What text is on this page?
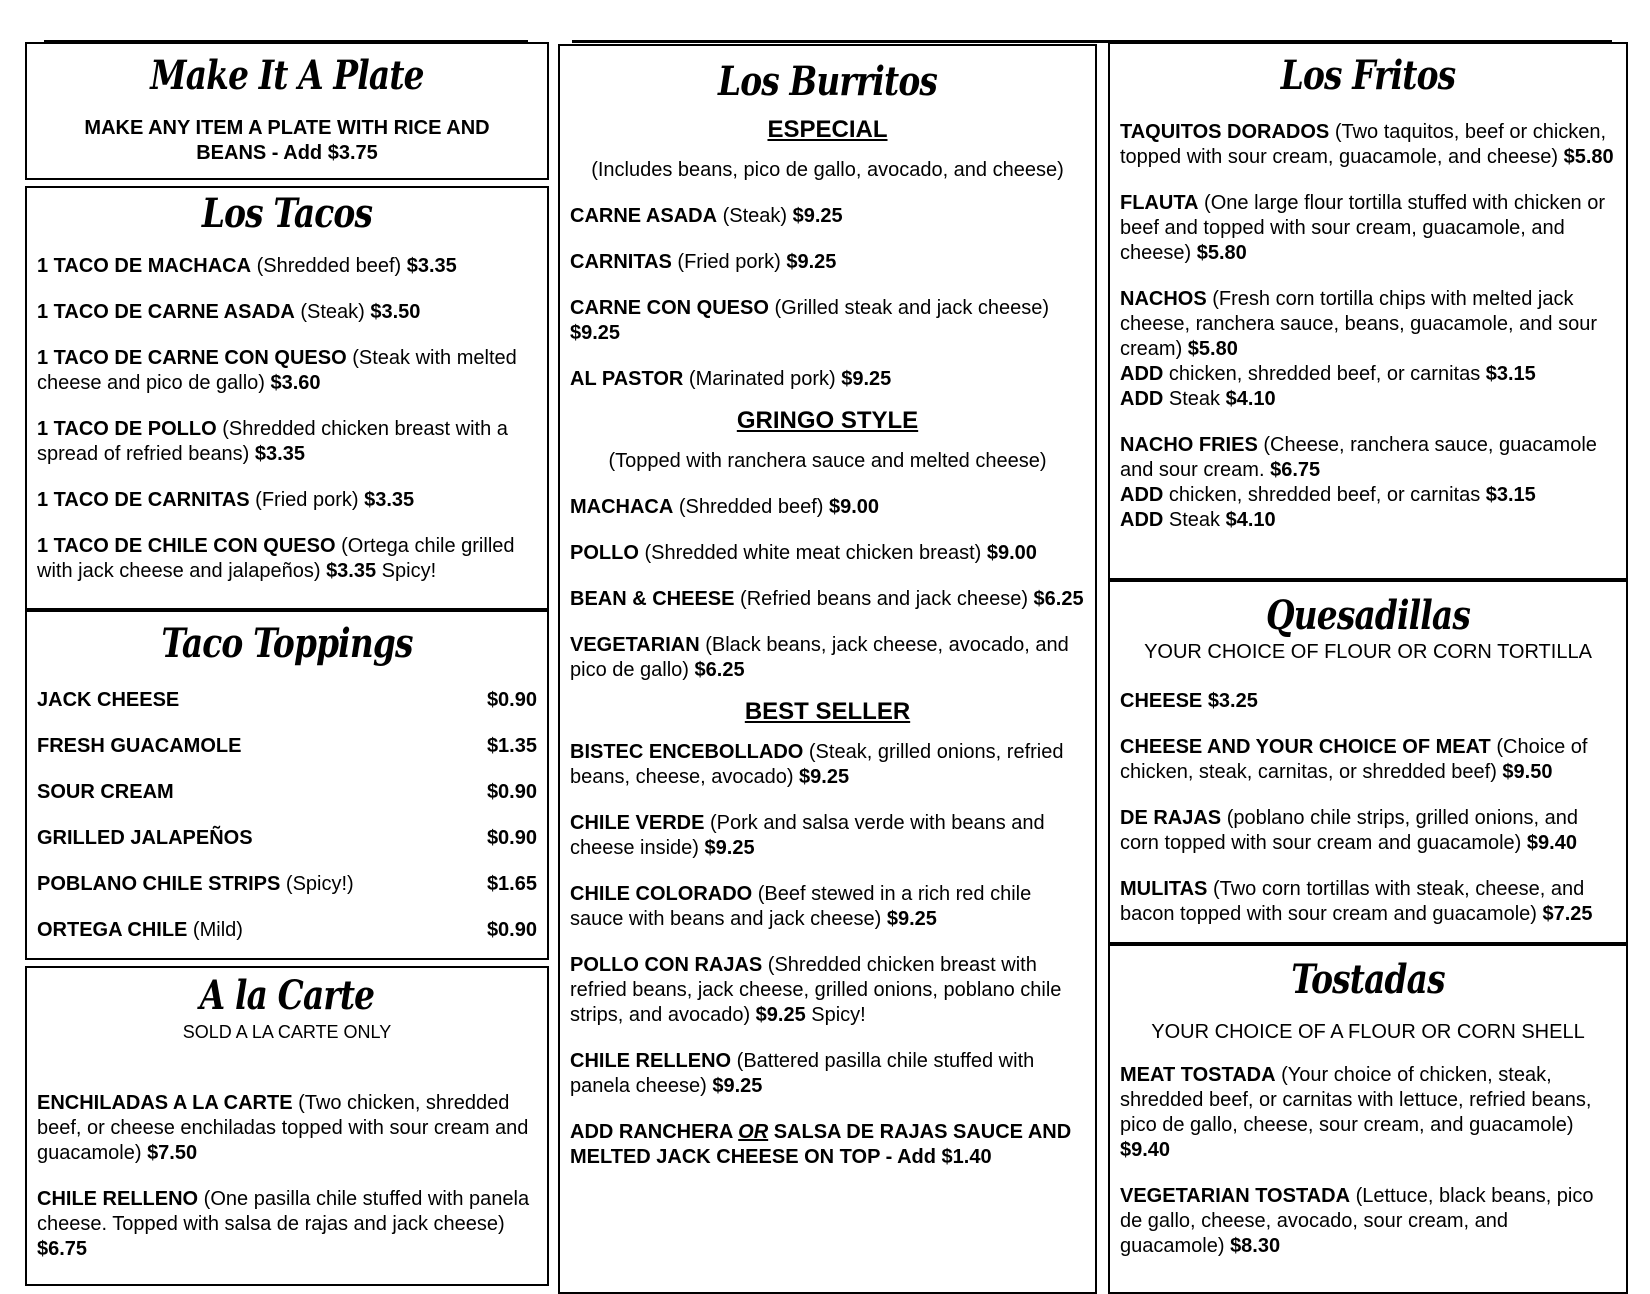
Make It A Plate
MAKE ANY ITEM A PLATE WITH RICE AND BEANS - Add $3.75
Los Tacos
1 TACO DE MACHACA (Shredded beef) $3.35
1 TACO DE CARNE ASADA (Steak) $3.50
1 TACO DE CARNE CON QUESO (Steak with melted cheese and pico de gallo) $3.60
1 TACO DE POLLO (Shredded chicken breast with a spread of refried beans) $3.35
1 TACO DE CARNITAS (Fried pork) $3.35
1 TACO DE CHILE CON QUESO (Ortega chile grilled with jack cheese and jalapeños) $3.35 Spicy!
Taco Toppings
JACK CHEESE	$0.90
FRESH GUACAMOLE	$1.35
SOUR CREAM	$0.90
GRILLED JALAPEÑOS	$0.90
POBLANO CHILE STRIPS (Spicy!)	$1.65
ORTEGA CHILE (Mild)	$0.90
A la Carte
SOLD A LA CARTE ONLY
ENCHILADAS A LA CARTE (Two chicken, shredded beef, or cheese enchiladas topped with sour cream and guacamole) $7.50
CHILE RELLENO (One pasilla chile stuffed with panela cheese. Topped with salsa de rajas and jack cheese) $6.75
Los Burritos
ESPECIAL
(Includes beans, pico de gallo, avocado, and cheese)
CARNE ASADA (Steak) $9.25
CARNITAS (Fried pork) $9.25
CARNE CON QUESO (Grilled steak and jack cheese) $9.25
AL PASTOR (Marinated pork) $9.25
GRINGO STYLE
(Topped with ranchera sauce and melted cheese)
MACHACA (Shredded beef) $9.00
POLLO (Shredded white meat chicken breast) $9.00
BEAN & CHEESE (Refried beans and jack cheese) $6.25
VEGETARIAN (Black beans, jack cheese, avocado, and pico de gallo) $6.25
BEST SELLER
BISTEC ENCEBOLLADO (Steak, grilled onions, refried beans, cheese, avocado) $9.25
CHILE VERDE (Pork and salsa verde with beans and cheese inside) $9.25
CHILE COLORADO (Beef stewed in a rich red chile sauce with beans and jack cheese) $9.25
POLLO CON RAJAS (Shredded chicken breast with refried beans, jack cheese, grilled onions, poblano chile strips, and avocado) $9.25 Spicy!
CHILE RELLENO (Battered pasilla chile stuffed with panela cheese) $9.25
ADD RANCHERA OR SALSA DE RAJAS SAUCE AND MELTED JACK CHEESE ON TOP - Add $1.40
Los Fritos
TAQUITOS DORADOS (Two taquitos, beef or chicken, topped with sour cream, guacamole, and cheese) $5.80
FLAUTA (One large flour tortilla stuffed with chicken or beef and topped with sour cream, guacamole, and cheese) $5.80
NACHOS (Fresh corn tortilla chips with melted jack cheese, ranchera sauce, beans, guacamole, and sour cream) $5.80
ADD chicken, shredded beef, or carnitas $3.15
ADD Steak $4.10
NACHO FRIES (Cheese, ranchera sauce, guacamole and sour cream. $6.75
ADD chicken, shredded beef, or carnitas $3.15
ADD Steak $4.10
Quesadillas
YOUR CHOICE OF FLOUR OR CORN TORTILLA
CHEESE $3.25
CHEESE AND YOUR CHOICE OF MEAT (Choice of chicken, steak, carnitas, or shredded beef) $9.50
DE RAJAS (poblano chile strips, grilled onions, and corn topped with sour cream and guacamole) $9.40
MULITAS (Two corn tortillas with steak, cheese, and bacon topped with sour cream and guacamole) $7.25
Tostadas
YOUR CHOICE OF A FLOUR OR CORN SHELL
MEAT TOSTADA (Your choice of chicken, steak, shredded beef, or carnitas with lettuce, refried beans, pico de gallo, cheese, sour cream, and guacamole) $9.40
VEGETARIAN TOSTADA (Lettuce, black beans, pico de gallo, cheese, avocado, sour cream, and guacamole) $8.30
